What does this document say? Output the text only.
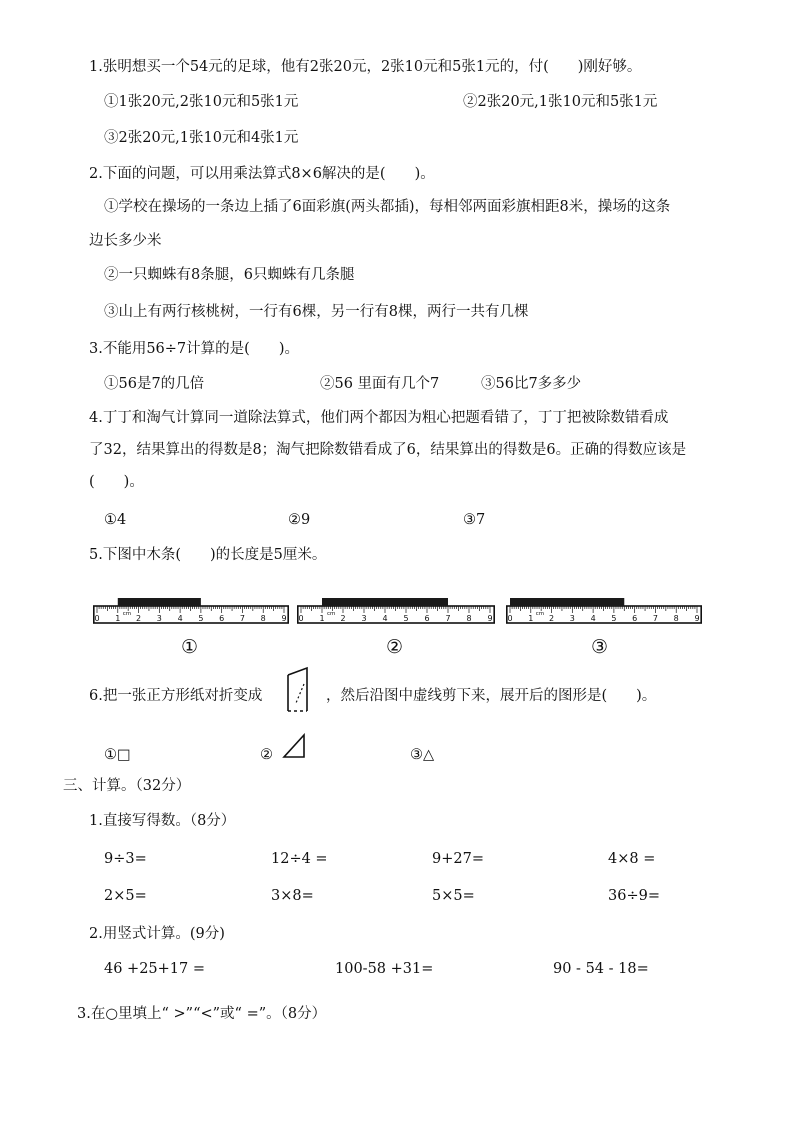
1.张明想买一个54元的足球，他有2张20元，2张10元和5张1元的，付(　　)刚好够。
①1张20元,2张10元和5张1元	②2张20元,1张10元和5张1元
③2张20元,1张10元和4张1元
2.下面的问题，可以用乘法算式8×6解决的是(　　)。
①学校在操场的一条边上插了6面彩旗(两头都插)，每相邻两面彩旗相距8米，操场的这条
边长多少米
②一只蜘蛛有8条腿，6只蜘蛛有几条腿
③山上有两行核桃树，一行有6棵，另一行有8棵，两行一共有几棵
3.不能用56÷7计算的是(　　)。
①56是7的几倍	②56 里面有几个7	③56比7多多少
4.丁丁和淘气计算同一道除法算式，他们两个都因为粗心把题看错了，丁丁把被除数错看成
了32，结果算出的得数是8；淘气把除数错看成了6，结果算出的得数是6。正确的得数应该是
(　　)。
①4	②9	③7
5.下图中木条(　　)的长度是5厘米。
0 1 2 3 4 5 6 7 8 9
cm	0 1 2 3 4 5 6 7 8 9
cm	0 1 2 3 4 5 6 7 8 9
cm
①	②	③
6.把一张正方形纸对折变成	，然后沿图中虚线剪下来，展开后的图形是(　　)。
①□	②	③△
三、计算。（32分）
1.直接写得数。（8分）
9÷3=	12÷4 =	9+27=	4×8 =
2×5=	3×8=	5×5=	36÷9=
2.用竖式计算。(9分)
46 +25+17 =	100-58 +31=	90 - 54 - 18=
3.在○里填上“ >”“<”或“ =”。（8分）
